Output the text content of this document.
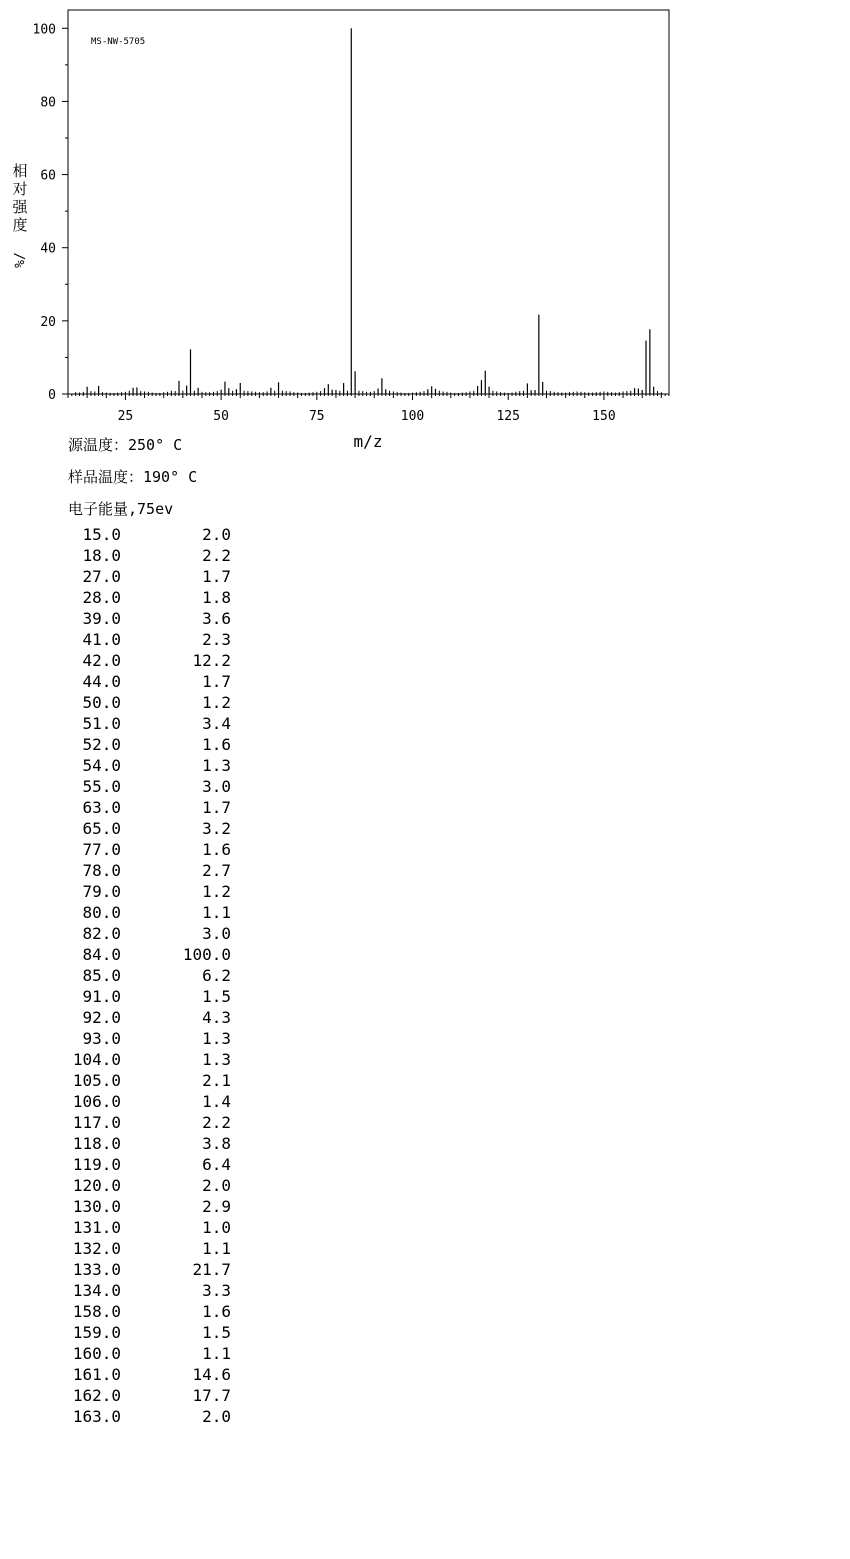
MS-NW-5705
0
20
40
60
80
100
25	50	75	100	125	150
m/z
相
对
强
度
%/
源温度：250° C
样品温度：190° C
电子能量,75ev
15.0	2.0
18.0	2.2
27.0	1.7
28.0	1.8
39.0	3.6
41.0	2.3
42.0	12.2
44.0	1.7
50.0	1.2
51.0	3.4
52.0	1.6
54.0	1.3
55.0	3.0
63.0	1.7
65.0	3.2
77.0	1.6
78.0	2.7
79.0	1.2
80.0	1.1
82.0	3.0
84.0	100.0
85.0	6.2
91.0	1.5
92.0	4.3
93.0	1.3
104.0	1.3
105.0	2.1
106.0	1.4
117.0	2.2
118.0	3.8
119.0	6.4
120.0	2.0
130.0	2.9
131.0	1.0
132.0	1.1
133.0	21.7
134.0	3.3
158.0	1.6
159.0	1.5
160.0	1.1
161.0	14.6
162.0	17.7
163.0	2.0
